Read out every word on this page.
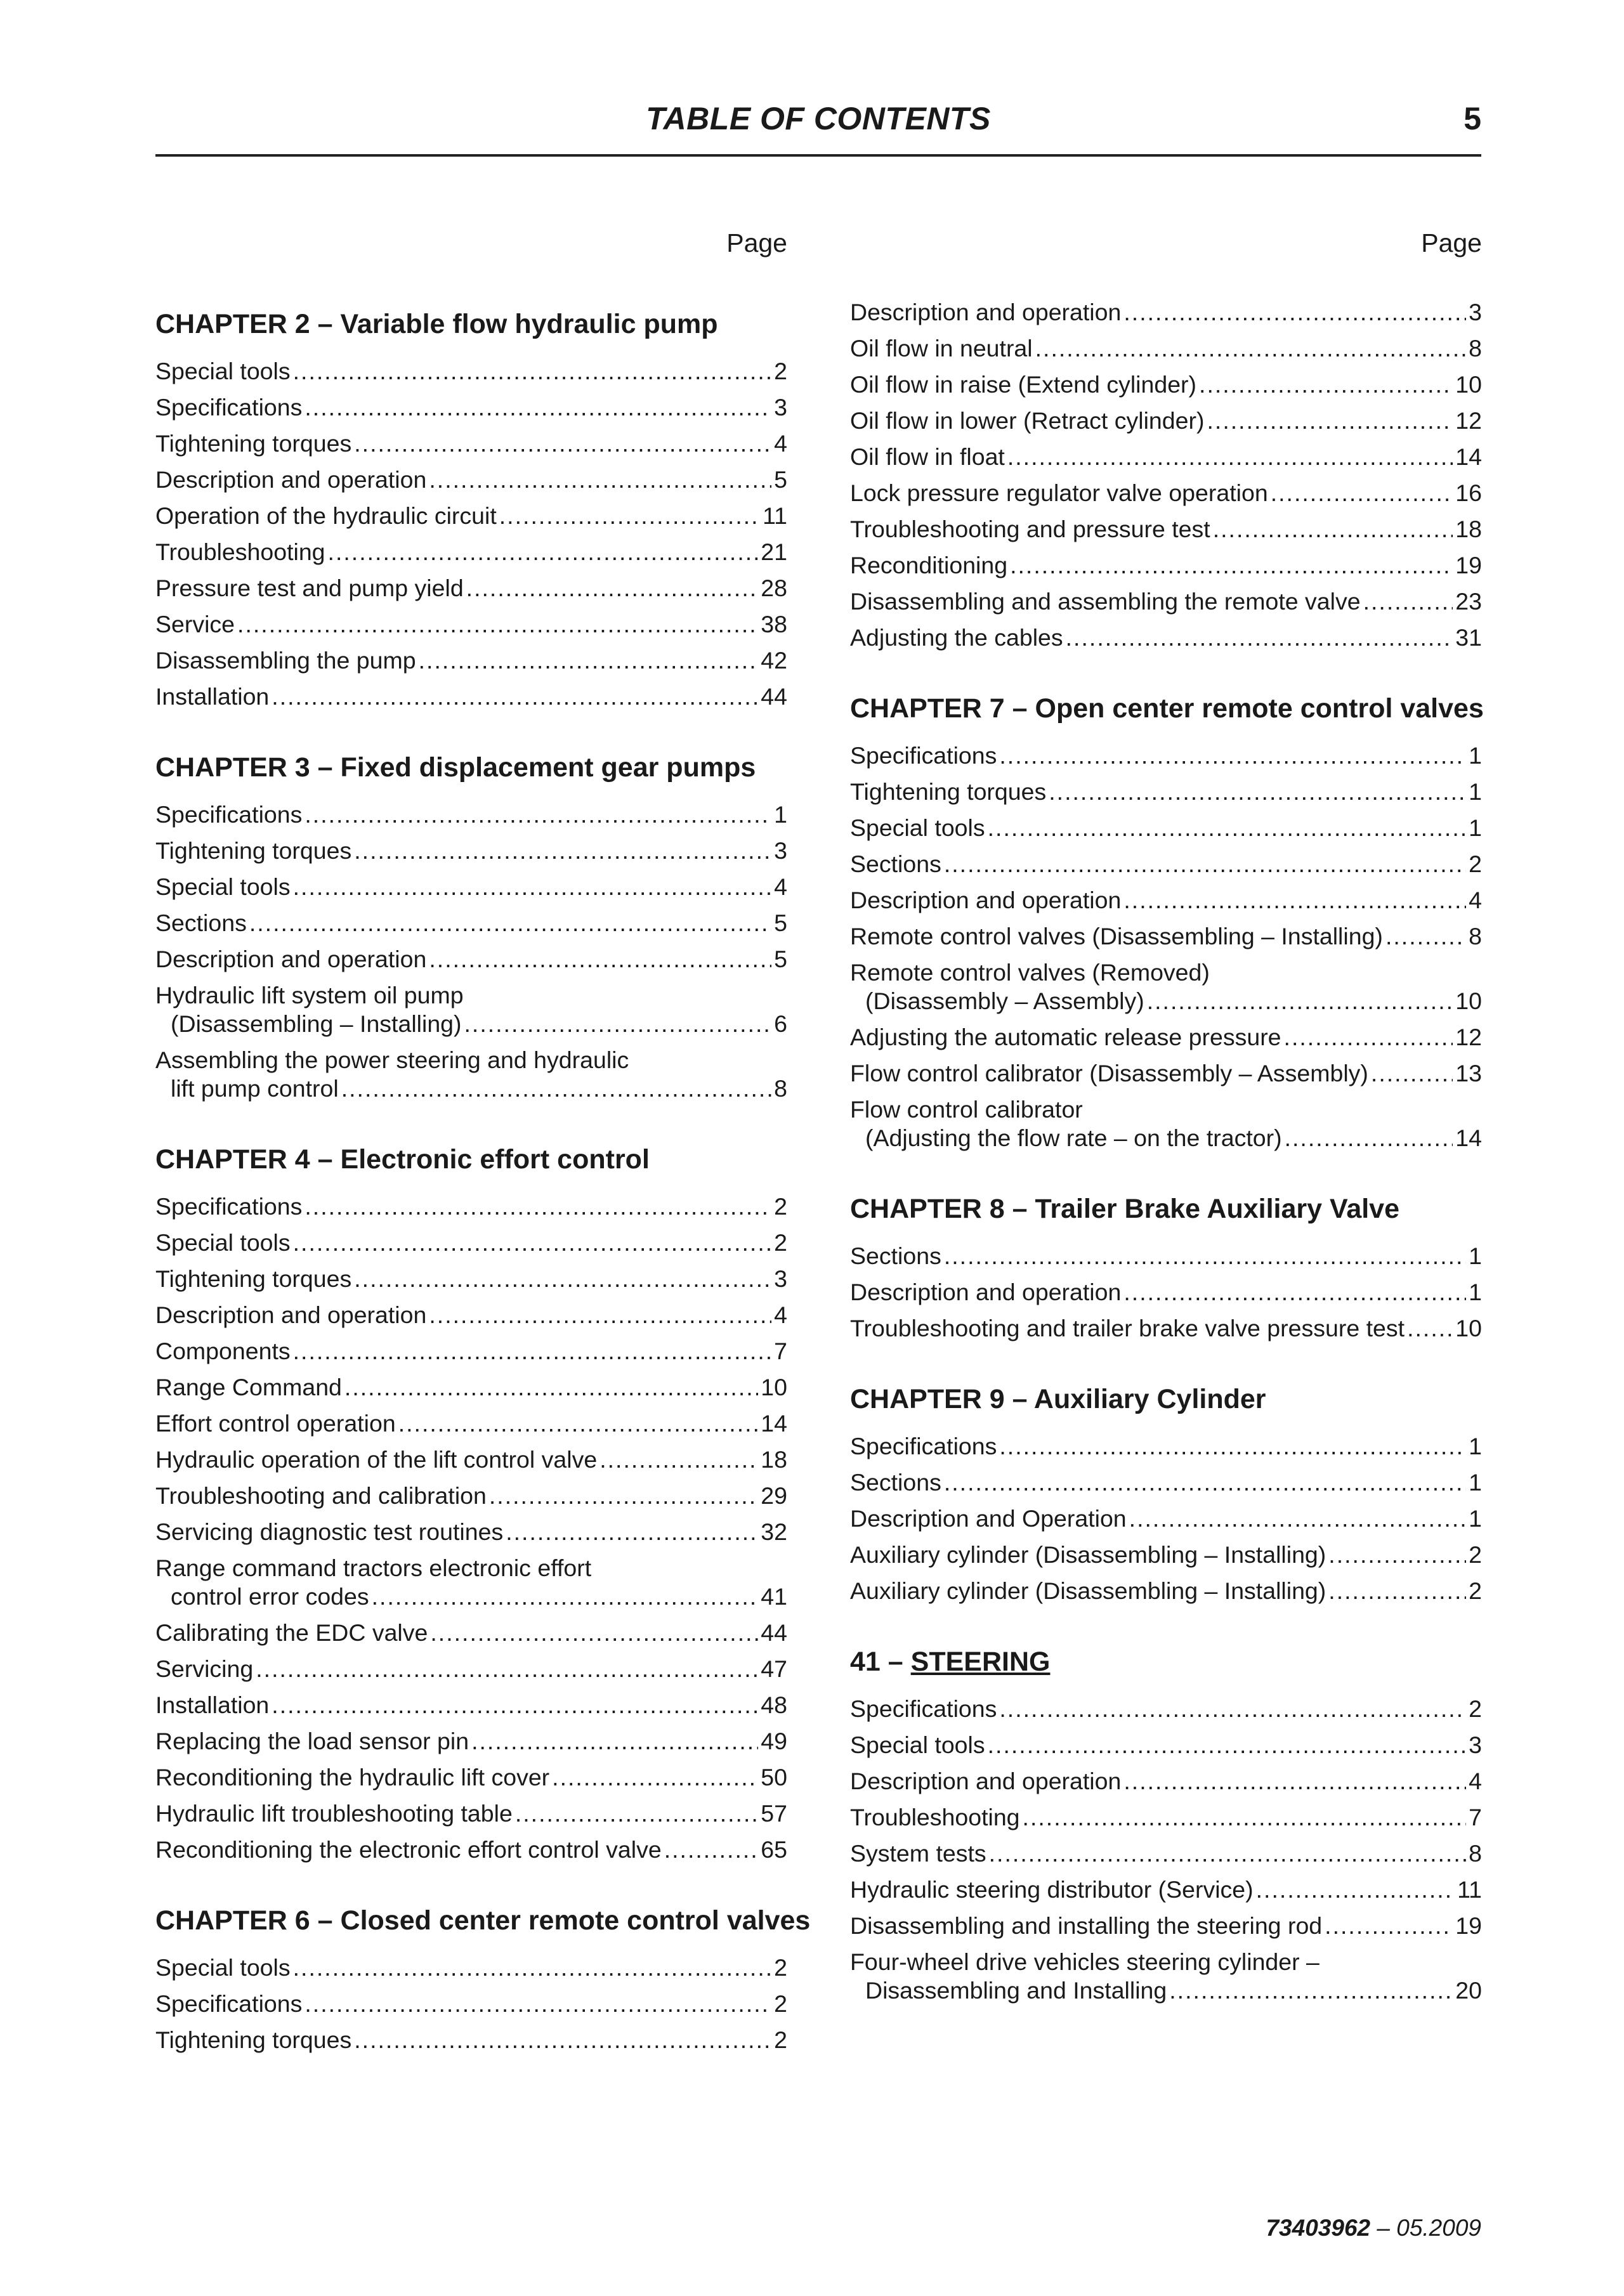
TABLE OF CONTENTS	5
Page
CHAPTER 2 – Variable flow hydraulic pump
Special tools .....	2
Specifications .....	3
Tightening torques .....	4
Description and operation .....	5
Operation of the hydraulic circuit .....	11
Troubleshooting .....	21
Pressure test and pump yield .....	28
Service .....	38
Disassembling the pump .....	42
Installation .....	44
CHAPTER 3 – Fixed displacement gear pumps
Specifications .....	1
Tightening torques .....	3
Special tools .....	4
Sections .....	5
Description and operation .....	5
Hydraulic lift system oil pump
(Disassembling – Installing) .....	6
Assembling the power steering and hydraulic
lift pump control .....	8
CHAPTER 4 – Electronic effort control
Specifications .....	2
Special tools .....	2
Tightening torques .....	3
Description and operation .....	4
Components .....	7
Range Command .....	10
Effort control operation .....	14
Hydraulic operation of the lift control valve .....	18
Troubleshooting and calibration .....	29
Servicing diagnostic test routines .....	32
Range command tractors electronic effort
control error codes .....	41
Calibrating the EDC valve .....	44
Servicing .....	47
Installation .....	48
Replacing the load sensor pin .....	49
Reconditioning the hydraulic lift cover .....	50
Hydraulic lift troubleshooting table .....	57
Reconditioning the electronic effort control valve .....	65
CHAPTER 6 – Closed center remote control valves
Special tools .....	2
Specifications .....	2
Tightening torques .....	2
Page
Description and operation .....	3
Oil flow in neutral .....	8
Oil flow in raise (Extend cylinder) .....	10
Oil flow in lower (Retract cylinder) .....	12
Oil flow in float .....	14
Lock pressure regulator valve operation .....	16
Troubleshooting and pressure test .....	18
Reconditioning .....	19
Disassembling and assembling the remote valve .....	23
Adjusting the cables .....	31
CHAPTER 7 – Open center remote control valves
Specifications .....	1
Tightening torques .....	1
Special tools .....	1
Sections .....	2
Description and operation .....	4
Remote control valves (Disassembling – Installing) .....	8
Remote control valves (Removed)
(Disassembly – Assembly) .....	10
Adjusting the automatic release pressure .....	12
Flow control calibrator (Disassembly – Assembly) .....	13
Flow control calibrator
(Adjusting the flow rate – on the tractor) .....	14
CHAPTER 8 – Trailer Brake Auxiliary Valve
Sections .....	1
Description and operation .....	1
Troubleshooting and trailer brake valve pressure test ..... 10
CHAPTER 9 – Auxiliary Cylinder
Specifications .....	1
Sections .....	1
Description and Operation .....	1
Auxiliary cylinder (Disassembling – Installing) .....	2
Auxiliary cylinder (Disassembling – Installing) .....	2
41 – STEERING
Specifications .....	2
Special tools .....	3
Description and operation .....	4
Troubleshooting .....	7
System tests .....	8
Hydraulic steering distributor (Service) .....	11
Disassembling and installing the steering rod .....	19
Four-wheel drive vehicles steering cylinder –
Disassembling and Installing .....	20
73403962 – 05.2009
